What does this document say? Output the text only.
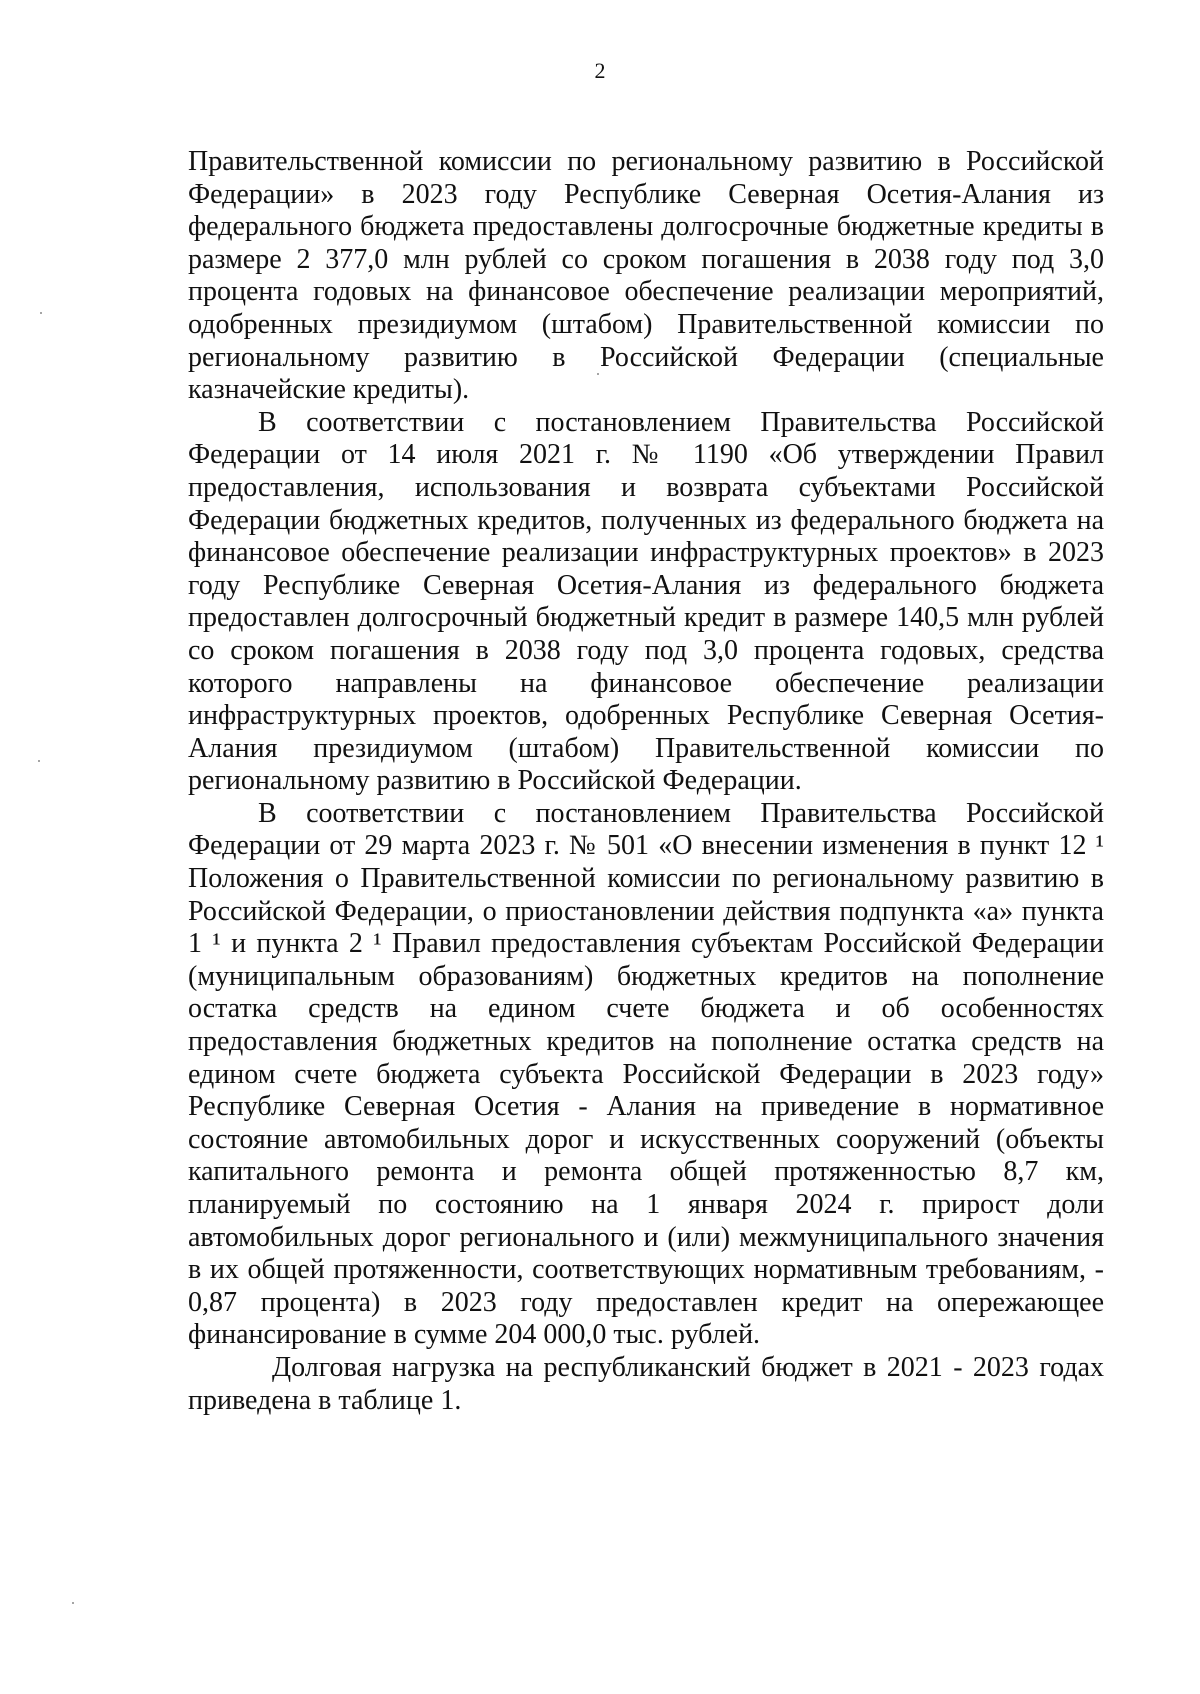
2

Правительственной комиссии по региональному развитию в Российской Федерации» в 2023 году Республике Северная Осетия-Алания из федерального бюджета предоставлены долгосрочные бюджетные кредиты в размере 2 377,0 млн рублей со сроком погашения в 2038 году под 3,0 процента годовых на финансовое обеспечение реализации мероприятий, одобренных президиумом (штабом) Правительственной комиссии по региональному развитию в Российской Федерации (специальные казначейские кредиты).

В соответствии с постановлением Правительства Российской Федерации от 14 июля 2021 г. № 1190 «Об утверждении Правил предоставления, использования и возврата субъектами Российской Федерации бюджетных кредитов, полученных из федерального бюджета на финансовое обеспечение реализации инфраструктурных проектов» в 2023 году Республике Северная Осетия-Алания из федерального бюджета предоставлен долгосрочный бюджетный кредит в размере 140,5 млн рублей со сроком погашения в 2038 году под 3,0 процента годовых, средства которого направлены на финансовое обеспечение реализации инфраструктурных проектов, одобренных Республике Северная Осетия-Алания президиумом (штабом) Правительственной комиссии по региональному развитию в Российской Федерации.

В соответствии с постановлением Правительства Российской Федерации от 29 марта 2023 г. № 501 «О внесении изменения в пункт 12 ¹ Положения о Правительственной комиссии по региональному развитию в Российской Федерации, о приостановлении действия подпункта «а» пункта 1 ¹ и пункта 2 ¹ Правил предоставления субъектам Российской Федерации (муниципальным образованиям) бюджетных кредитов на пополнение остатка средств на едином счете бюджета и об особенностях предоставления бюджетных кредитов на пополнение остатка средств на едином счете бюджета субъекта Российской Федерации в 2023 году» Республике Северная Осетия - Алания на приведение в нормативное состояние автомобильных дорог и искусственных сооружений (объекты капитального ремонта и ремонта общей протяженностью 8,7 км, планируемый по состоянию на 1 января 2024 г. прирост доли автомобильных дорог регионального и (или) межмуниципального значения в их общей протяженности, соответствующих нормативным требованиям, - 0,87 процента) в 2023 году предоставлен кредит на опережающее финансирование в сумме 204 000,0 тыс. рублей.

Долговая нагрузка на республиканский бюджет в 2021 - 2023 годах приведена в таблице 1.
